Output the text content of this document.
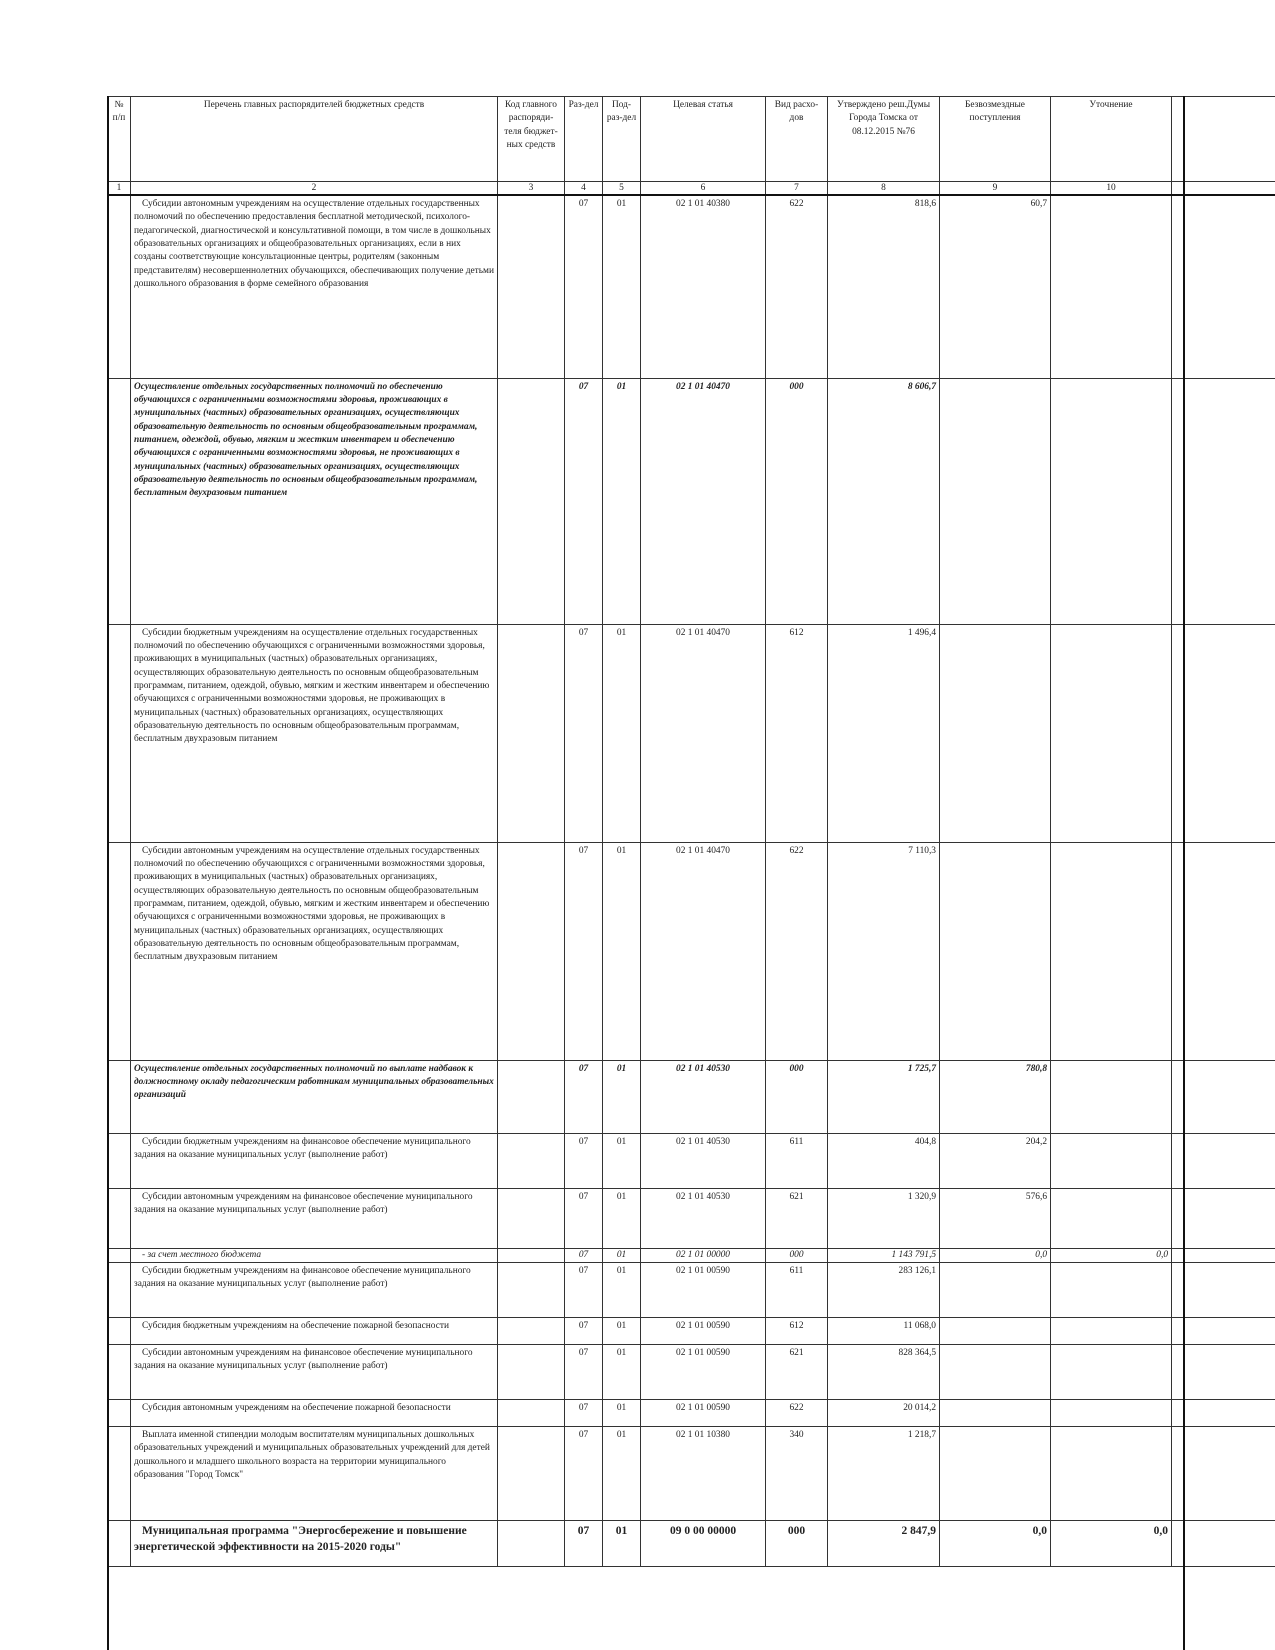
№ п/п	Перечень главных распорядителей бюджетных средств	Код главного распоряди-теля бюджет-ных средств	Раз-дел	Под-раз-дел	Целевая статья	Вид расхо-дов	Утверждено реш.Думы Города Томска от 08.12.2015 №76	Безвозмездные поступления	Уточнение	
1	2	3	4	5	6	7	8	9	10	
	Субсидии автономным учреждениям на осуществление отдельных государственных полномочий по обеспечению предоставления бесплатной методической, психолого-педагогической, диагностической и консультативной помощи, в том числе в дошкольных образовательных организациях и общеобразовательных организациях, если в них созданы соответствующие консультационные центры, родителям (законным представителям) несовершеннолетних обучающихся, обеспечивающих получение детьми дошкольного образования в форме семейного образования		07	01	02 1 01 40380	622	818,6	60,7		
	Осуществление отдельных государственных полномочий по обеспечению обучающихся с ограниченными возможностями здоровья, проживающих в муниципальных (частных) образовательных организациях, осуществляющих образовательную деятельность по основным общеобразовательным программам, питанием, одеждой, обувью, мягким и жестким инвентарем и обеспечению обучающихся с ограниченными возможностями здоровья, не проживающих в муниципальных (частных) образовательных организациях, осуществляющих образовательную деятельность по основным общеобразовательным программам, бесплатным двухразовым питанием		07	01	02 1 01 40470	000	8 606,7			
	Субсидии бюджетным учреждениям на осуществление отдельных государственных полномочий по обеспечению обучающихся с ограниченными возможностями здоровья, проживающих в муниципальных (частных) образовательных организациях, осуществляющих образовательную деятельность по основным общеобразовательным программам, питанием, одеждой, обувью, мягким и жестким инвентарем и обеспечению обучающихся с ограниченными возможностями здоровья, не проживающих в муниципальных (частных) образовательных организациях, осуществляющих образовательную деятельность по основным общеобразовательным программам, бесплатным двухразовым питанием		07	01	02 1 01 40470	612	1 496,4			
	Субсидии автономным учреждениям на осуществление отдельных государственных полномочий по обеспечению обучающихся с ограниченными возможностями здоровья, проживающих в муниципальных (частных) образовательных организациях, осуществляющих образовательную деятельность по основным общеобразовательным программам, питанием, одеждой, обувью, мягким и жестким инвентарем и обеспечению обучающихся с ограниченными возможностями здоровья, не проживающих в муниципальных (частных) образовательных организациях, осуществляющих образовательную деятельность по основным общеобразовательным программам, бесплатным двухразовым питанием		07	01	02 1 01 40470	622	7 110,3			
	Осуществление отдельных государственных полномочий по выплате надбавок к должностному окладу педагогическим работникам муниципальных образовательных организаций		07	01	02 1 01 40530	000	1 725,7	780,8		
	Субсидии бюджетным учреждениям на финансовое обеспечение муниципального задания на оказание муниципальных услуг (выполнение работ)		07	01	02 1 01 40530	611	404,8	204,2		
	Субсидии автономным учреждениям на финансовое обеспечение муниципального задания на оказание муниципальных услуг (выполнение работ)		07	01	02 1 01 40530	621	1 320,9	576,6		
	- за счет местного бюджета		07	01	02 1 01 00000	000	1 143 791,5	0,0	0,0	
	Субсидии бюджетным учреждениям на финансовое обеспечение муниципального задания на оказание муниципальных услуг (выполнение работ)		07	01	02 1 01 00590	611	283 126,1			
	Субсидия бюджетным учреждениям на обеспечение пожарной безопасности		07	01	02 1 01 00590	612	11 068,0			
	Субсидии автономным учреждениям на финансовое обеспечение муниципального задания на оказание муниципальных услуг (выполнение работ)		07	01	02 1 01 00590	621	828 364,5			
	Субсидия автономным учреждениям на обеспечение пожарной безопасности		07	01	02 1 01 00590	622	20 014,2			
	Выплата именной стипендии молодым воспитателям муниципальных дошкольных образовательных учреждений и муниципальных образовательных учреждений для детей дошкольного и младшего школьного возраста на территории муниципального образования "Город Томск"		07	01	02 1 01 10380	340	1 218,7			
	Муниципальная программа "Энергосбережение и повышение энергетической эффективности на 2015-2020 годы"		07	01	09 0 00 00000	000	2 847,9	0,0	0,0	
